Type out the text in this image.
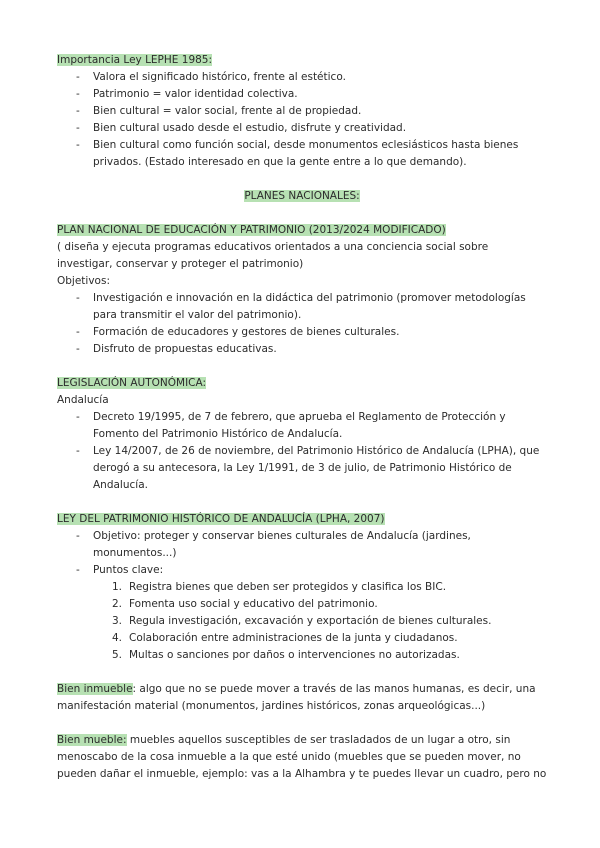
Importancia Ley LEPHE 1985:
- Valora el significado histórico, frente al estético.
- Patrimonio = valor identidad colectiva.
- Bien cultural = valor social, frente al de propiedad.
- Bien cultural usado desde el estudio, disfrute y creatividad.
- Bien cultural como función social, desde monumentos eclesiásticos hasta bienes privados. (Estado interesado en que la gente entre a lo que demando).
PLANES NACIONALES:
PLAN NACIONAL DE EDUCACIÓN Y PATRIMONIO (2013/2024 MODIFICADO)
( diseña y ejecuta programas educativos orientados a una conciencia social sobre investigar, conservar y proteger el patrimonio)
Objetivos:
- Investigación e innovación en la didáctica del patrimonio (promover metodologías para transmitir el valor del patrimonio).
- Formación de educadores y gestores de bienes culturales.
- Disfruto de propuestas educativas.
LEGISLACIÓN AUTONÓMICA:
Andalucía
- Decreto 19/1995, de 7 de febrero, que aprueba el Reglamento de Protección y Fomento del Patrimonio Histórico de Andalucía.
- Ley 14/2007, de 26 de noviembre, del Patrimonio Histórico de Andalucía (LPHA), que derogó a su antecesora, la Ley 1/1991, de 3 de julio, de Patrimonio Histórico de Andalucía.
LEY DEL PATRIMONIO HISTÓRICO DE ANDALUCÍA (LPHA, 2007)
- Objetivo: proteger y conservar bienes culturales de Andalucía (jardines, monumentos...)
- Puntos clave:
1. Registra bienes que deben ser protegidos y clasifica los BIC.
2. Fomenta uso social y educativo del patrimonio.
3. Regula investigación, excavación y exportación de bienes culturales.
4. Colaboración entre administraciones de la junta y ciudadanos.
5. Multas o sanciones por daños o intervenciones no autorizadas.
Bien inmueble: algo que no se puede mover a través de las manos humanas, es decir, una
manifestación material (monumentos, jardines históricos, zonas arqueológicas...)
Bien mueble: muebles aquellos susceptibles de ser trasladados de un lugar a otro, sin
menoscabo de la cosa inmueble a la que esté unido (muebles que se pueden mover, no
pueden dañar el inmueble, ejemplo: vas a la Alhambra y te puedes llevar un cuadro, pero no
